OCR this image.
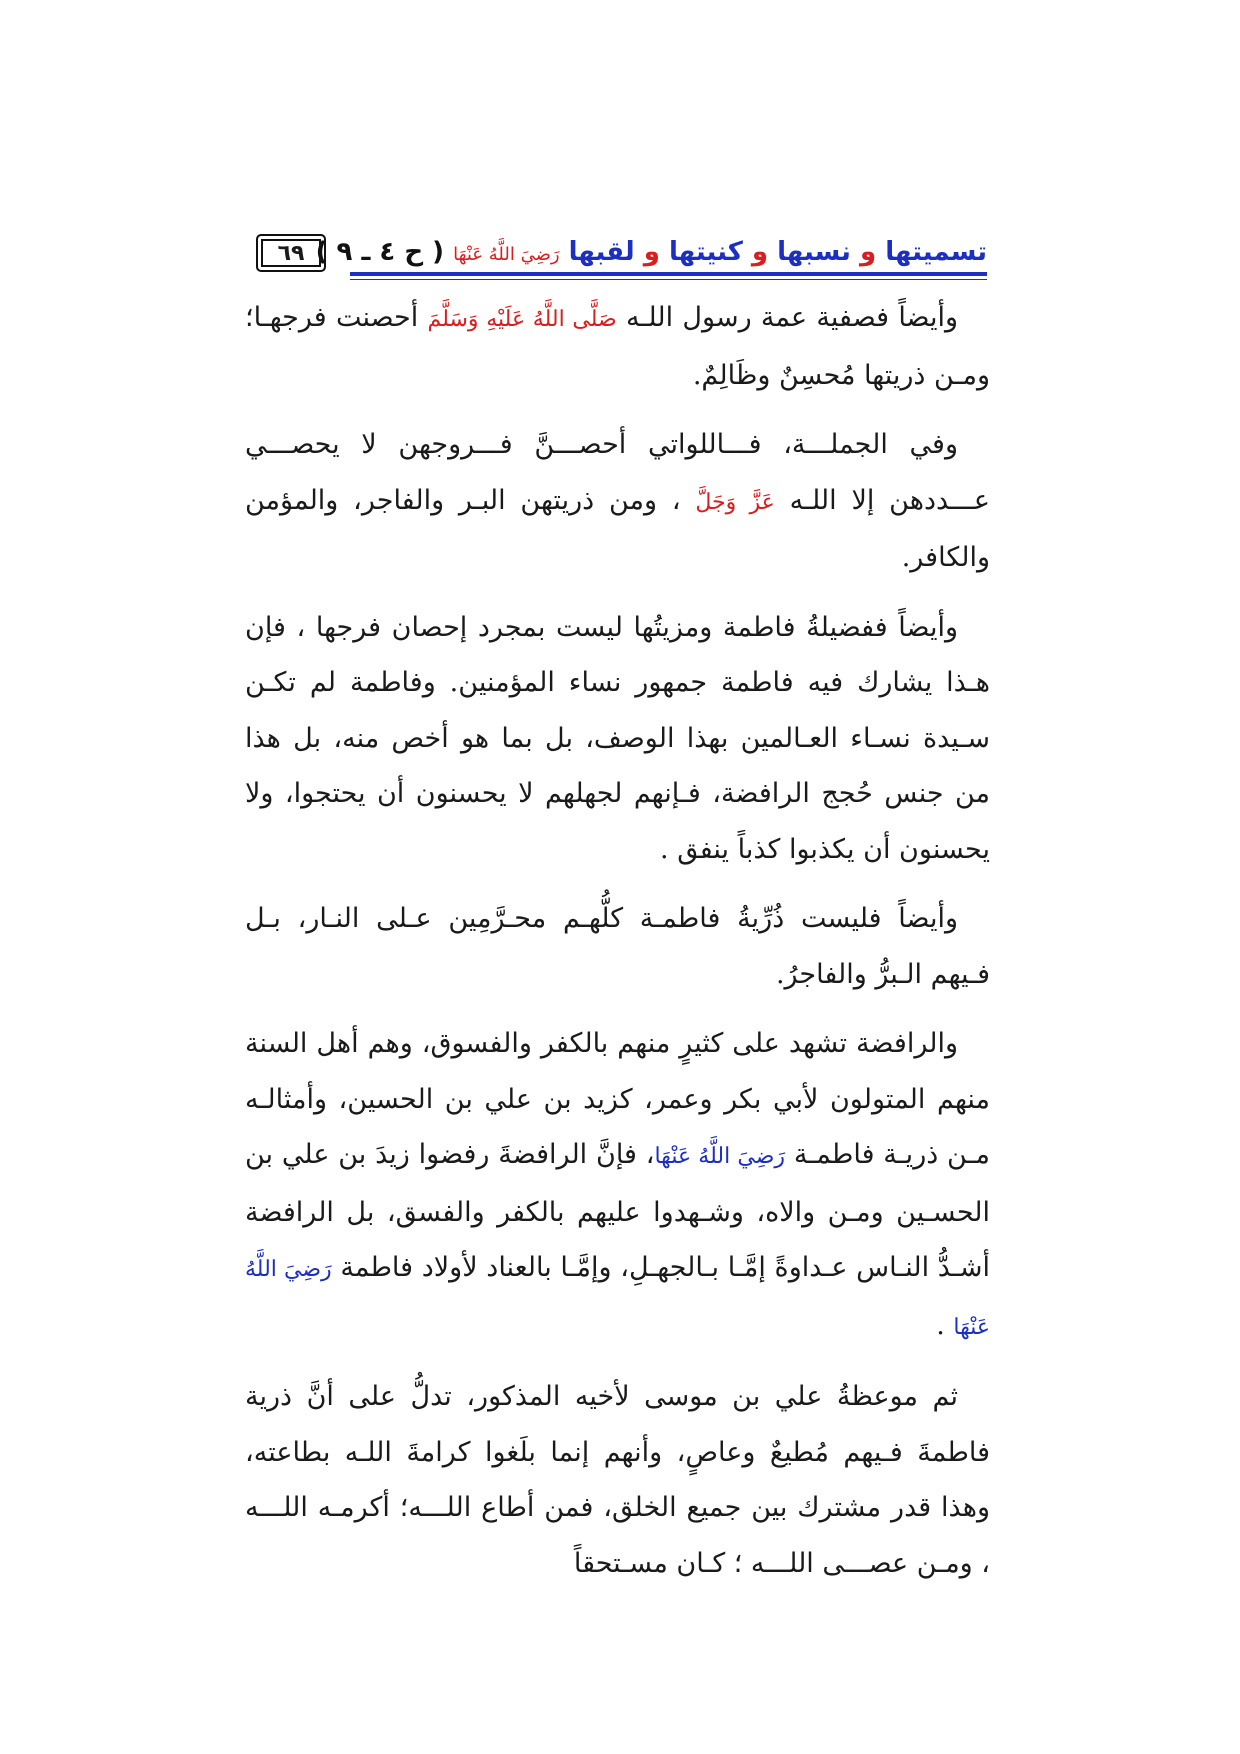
٦٩	تسميتها و نسبها و كنيتها و لقبها رَضِيَ اللَّهُ عَنْهَا ( ح ٤ ـ ٩ )

وأيضاً فصفية عمة رسول اللـه صَلَّى اللَّهُ عَلَيْهِ وَسَلَّمَ أحصنت فرجهـا؛ ومـن ذريتها مُحسِنٌ وظَالِمٌ.

وفي الجملـــة، فـــاللواتي أحصـــنَّ فـــروجهن لا يحصـــي عـــددهن إلا اللـه عَزَّ وَجَلَّ ، ومن ذريتهن البـر والفاجر، والمؤمن والكافر.

وأيضاً ففضيلةُ فاطمة ومزيتُها ليست بمجرد إحصان فرجها ، فإن هـذا يشارك فيه فاطمة جمهور نساء المؤمنين. وفاطمة لم تكـن سـيدة نسـاء العـالمين بهذا الوصف، بل بما هو أخص منه، بل هذا من جنس حُجج الرافضة، فـإنهم لجهلهم لا يحسنون أن يحتجوا، ولا يحسنون أن يكذبوا كذباً ينفق .

وأيضاً فليست ذُرِّيةُ فاطمـة كلُّهـم محـرَّمِين عـلى النـار، بـل فـيهم الـبرُّ والفاجرُ.

والرافضة تشهد على كثيرٍ منهم بالكفر والفسوق، وهم أهل السنة منهم المتولون لأبي بكر وعمر، كزيد بن علي بن الحسين، وأمثالـه مـن ذريـة فاطمـة رَضِيَ اللَّهُ عَنْهَا، فإنَّ الرافضةَ رفضوا زيدَ بن علي بن الحسـين ومـن والاه، وشـهدوا عليهم بالكفر والفسق، بل الرافضة أشـدُّ النـاس عـداوةً إمَّـا بـالجهـلِ، وإمَّـا بالعناد لأولاد فاطمة رَضِيَ اللَّهُ عَنْهَا .

ثم موعظةُ علي بن موسى لأخيه المذكور، تدلُّ على أنَّ ذرية فاطمةَ فـيهم مُطيعٌ وعاصٍ، وأنهم إنما بلَغوا كرامةَ اللـه بطاعته، وهذا قدر مشترك بين جميع الخلق، فمن أطاع اللـــه؛ أكرمـه اللـــه ، ومـن عصـــى اللـــه ؛ كـان مسـتحقاً
